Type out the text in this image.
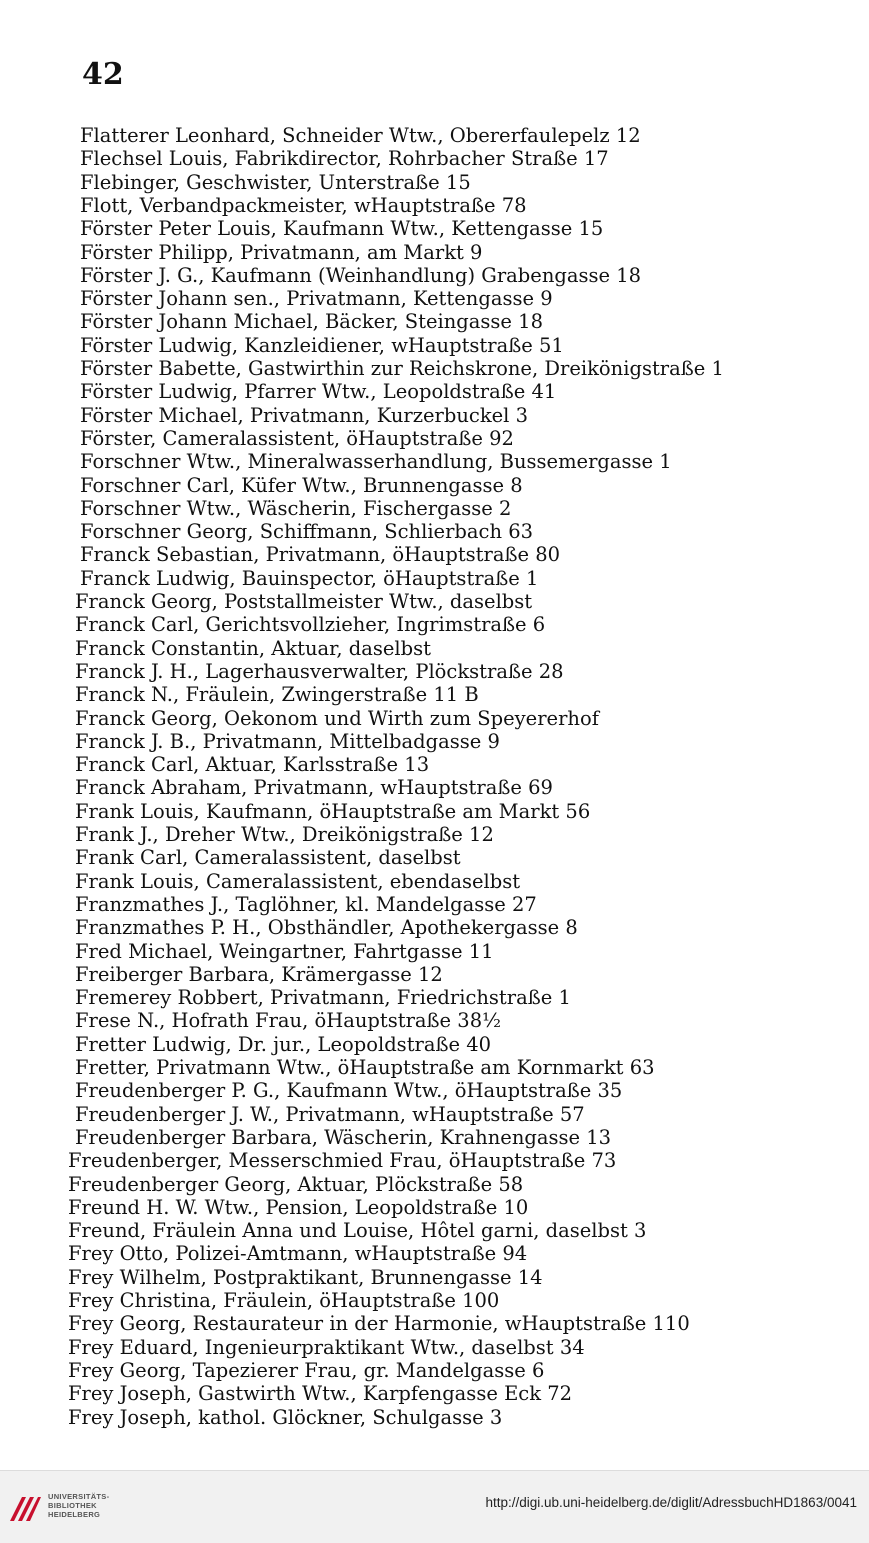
42
Flatterer Leonhard, Schneider Wtw., Obererfaulepelz 12
Flechsel Louis, Fabrikdirector, Rohrbacher Straße 17
Flebinger, Geschwister, Unterstraße 15
Flott, Verbandpackmeister, wHauptstraße 78
Förster Peter Louis, Kaufmann Wtw., Kettengasse 15
Förster Philipp, Privatmann, am Markt 9
Förster J. G., Kaufmann (Weinhandlung) Grabengasse 18
Förster Johann sen., Privatmann, Kettengasse 9
Förster Johann Michael, Bäcker, Steingasse 18
Förster Ludwig, Kanzleidiener, wHauptstraße 51
Förster Babette, Gastwirthin zur Reichskrone, Dreikönigstraße 1
Förster Ludwig, Pfarrer Wtw., Leopoldstraße 41
Förster Michael, Privatmann, Kurzerbuckel 3
Förster, Cameralassistent, öHauptstraße 92
Forschner Wtw., Mineralwasserhandlung, Bussemergasse 1
Forschner Carl, Küfer Wtw., Brunnengasse 8
Forschner Wtw., Wäscherin, Fischergasse 2
Forschner Georg, Schiffmann, Schlierbach 63
Franck Sebastian, Privatmann, öHauptstraße 80
Franck Ludwig, Bauinspector, öHauptstraße 1
Franck Georg, Poststallmeister Wtw., daselbst
Franck Carl, Gerichtsvollzieher, Ingrimstraße 6
Franck Constantin, Aktuar, daselbst
Franck J. H., Lagerhausverwalter, Plöckstraße 28
Franck N., Fräulein, Zwingerstraße 11 B
Franck Georg, Oekonom und Wirth zum Speyererhof
Franck J. B., Privatmann, Mittelbadgasse 9
Franck Carl, Aktuar, Karlsstraße 13
Franck Abraham, Privatmann, wHauptstraße 69
Frank Louis, Kaufmann, öHauptstraße am Markt 56
Frank J., Dreher Wtw., Dreikönigstraße 12
Frank Carl, Cameralassistent, daselbst
Frank Louis, Cameralassistent, ebendaselbst
Franzmathes J., Taglöhner, kl. Mandelgasse 27
Franzmathes P. H., Obsthändler, Apothekergasse 8
Fred Michael, Weingartner, Fahrtgasse 11
Freiberger Barbara, Krämergasse 12
Fremerey Robbert, Privatmann, Friedrichstraße 1
Frese N., Hofrath Frau, öHauptstraße 38½
Fretter Ludwig, Dr. jur., Leopoldstraße 40
Fretter, Privatmann Wtw., öHauptstraße am Kornmarkt 63
Freudenberger P. G., Kaufmann Wtw., öHauptstraße 35
Freudenberger J. W., Privatmann, wHauptstraße 57
Freudenberger Barbara, Wäscherin, Krahnengasse 13
Freudenberger, Messerschmied Frau, öHauptstraße 73
Freudenberger Georg, Aktuar, Plöckstraße 58
Freund H. W. Wtw., Pension, Leopoldstraße 10
Freund, Fräulein Anna und Louise, Hôtel garni, daselbst 3
Frey Otto, Polizei-Amtmann, wHauptstraße 94
Frey Wilhelm, Postpraktikant, Brunnengasse 14
Frey Christina, Fräulein, öHauptstraße 100
Frey Georg, Restaurateur in der Harmonie, wHauptstraße 110
Frey Eduard, Ingenieurpraktikant Wtw., daselbst 34
Frey Georg, Tapezierer Frau, gr. Mandelgasse 6
Frey Joseph, Gastwirth Wtw., Karpfengasse Eck 72
Frey Joseph, kathol. Glöckner, Schulgasse 3
UNIVERSITÄTS-
BIBLIOTHEK
HEIDELBERG
http://digi.ub.uni-heidelberg.de/diglit/AdressbuchHD1863/0041
